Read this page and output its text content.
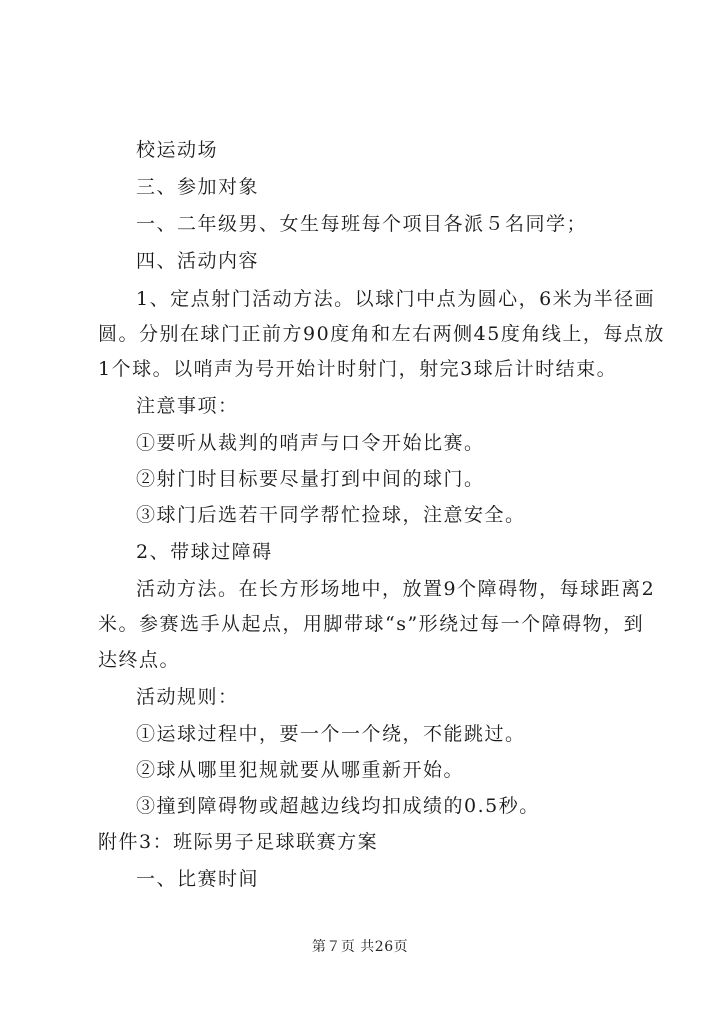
校运动场
三、参加对象
一、二年级男、女生每班每个项目各派５名同学；
四、活动内容
1、定点射门活动方法。以球门中点为圆心，6米为半径画
圆。分别在球门正前方90度角和左右两侧45度角线上，每点放
1个球。以哨声为号开始计时射门，射完3球后计时结束。
注意事项：
①要听从裁判的哨声与口令开始比赛。
②射门时目标要尽量打到中间的球门。
③球门后选若干同学帮忙捡球，注意安全。
2、带球过障碍
活动方法。在长方形场地中，放置9个障碍物，每球距离2
米。参赛选手从起点，用脚带球“s”形绕过每一个障碍物，到
达终点。
活动规则：
①运球过程中，要一个一个绕，不能跳过。
②球从哪里犯规就要从哪重新开始。
③撞到障碍物或超越边线均扣成绩的0.5秒。
附件3：班际男子足球联赛方案
一、比赛时间
第７页 共26页
